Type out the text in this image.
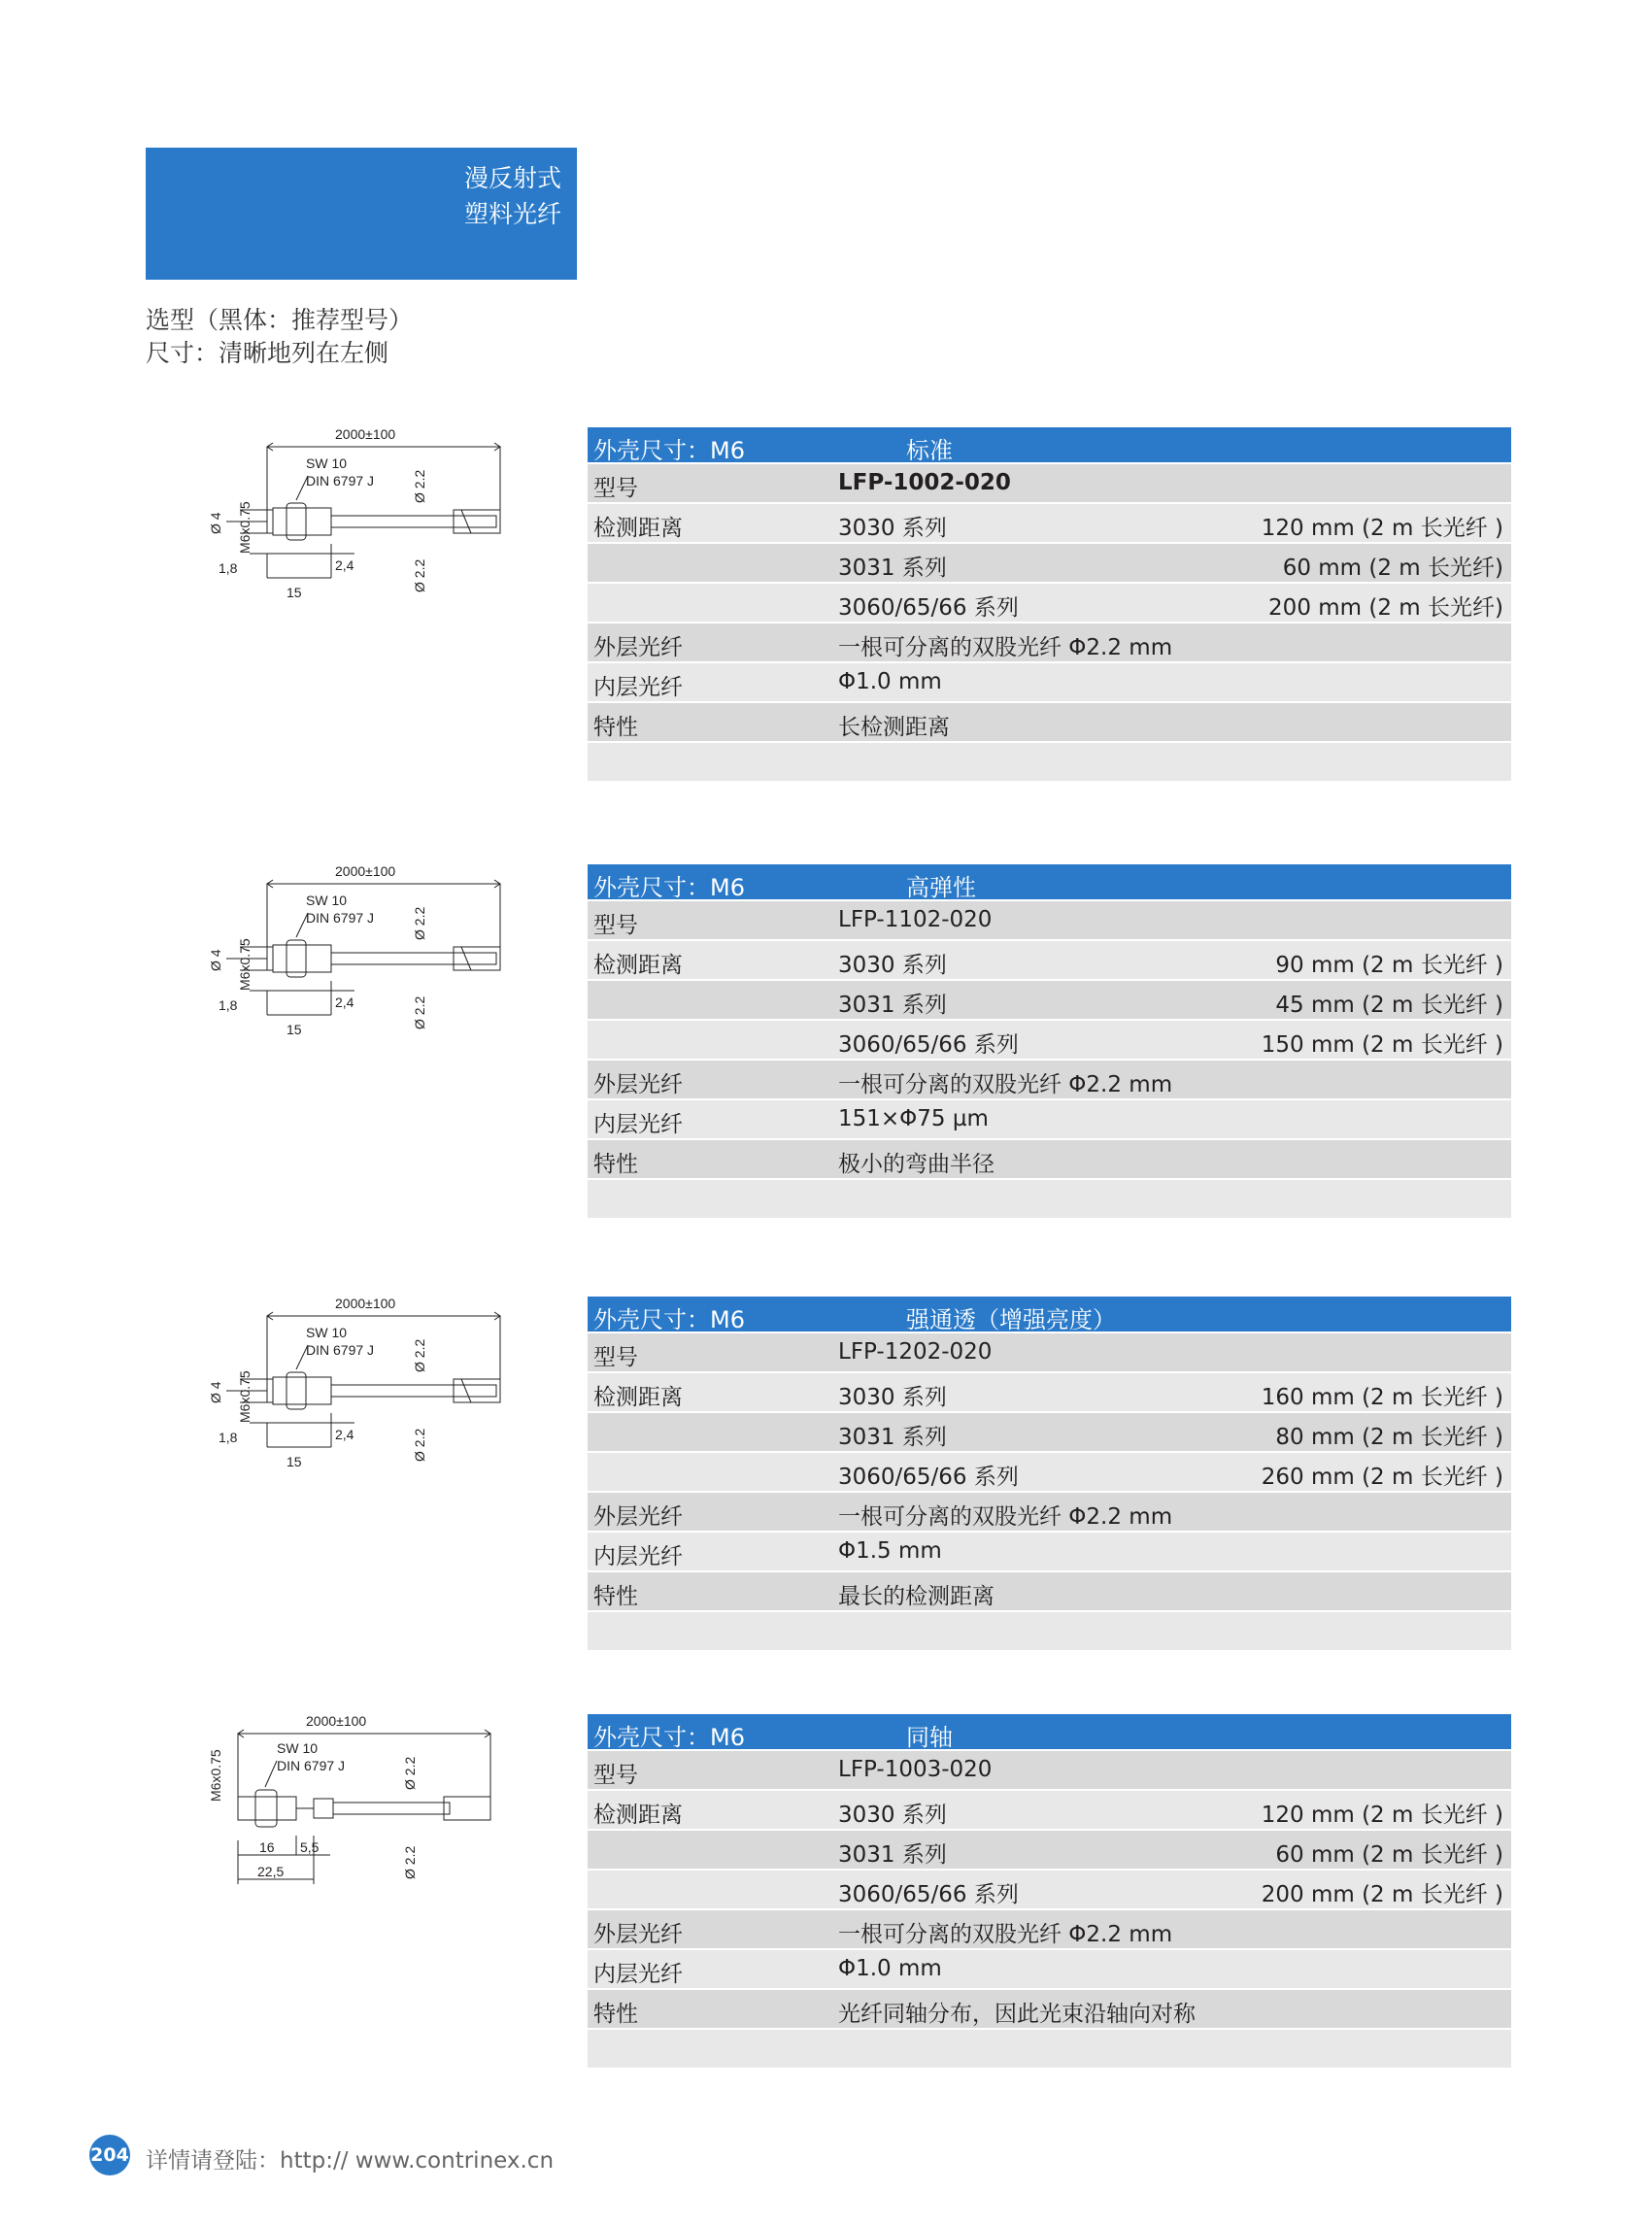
漫反射式
塑料光纤
选型（黑体：推荐型号）
尺寸：清晰地列在左侧
2000±100
SW 10
DIN 6797 J
M6x0.75
Ø 4
Ø 2.2
Ø 2.2
1,8	2,4
15
2000±100
SW 10
DIN 6797 J
M6x0.75
Ø 4
Ø 2.2
Ø 2.2
1,8	2,4
15
2000±100
SW 10
DIN 6797 J
M6x0.75
Ø 4
Ø 2.2
Ø 2.2
1,8	2,4
15
2000±100
SW 10
DIN 6797 J
M6x0.75	Ø 2.2
Ø 2.2
16 5,5
22,5
外壳尺寸：M6	标准
型号	LFP-1002-020
检测距离	3030 系列	120 mm (2 m 长光纤 )
3031 系列	60 mm (2 m 长光纤)
3060/65/66 系列	200 mm (2 m 长光纤)
外层光纤	一根可分离的双股光纤 Φ2.2 mm
内层光纤	Φ1.0 mm
特性	长检测距离
外壳尺寸：M6	高弹性
型号	LFP-1102-020
检测距离	3030 系列	90 mm (2 m 长光纤 )
3031 系列	45 mm (2 m 长光纤 )
3060/65/66 系列	150 mm (2 m 长光纤 )
外层光纤	一根可分离的双股光纤 Φ2.2 mm
内层光纤	151×Φ75 µm
特性	极小的弯曲半径
外壳尺寸：M6	强通透（增强亮度）
型号	LFP-1202-020
检测距离	3030 系列	160 mm (2 m 长光纤 )
3031 系列	80 mm (2 m 长光纤 )
3060/65/66 系列	260 mm (2 m 长光纤 )
外层光纤	一根可分离的双股光纤 Φ2.2 mm
内层光纤	Φ1.5 mm
特性	最长的检测距离
外壳尺寸：M6	同轴
型号	LFP-1003-020
检测距离	3030 系列	120 mm (2 m 长光纤 )
3031 系列	60 mm (2 m 长光纤 )
3060/65/66 系列	200 mm (2 m 长光纤 )
外层光纤	一根可分离的双股光纤 Φ2.2 mm
内层光纤	Φ1.0 mm
特性	光纤同轴分布，因此光束沿轴向对称
204 详情请登陆：http:// www.contrinex.cn
